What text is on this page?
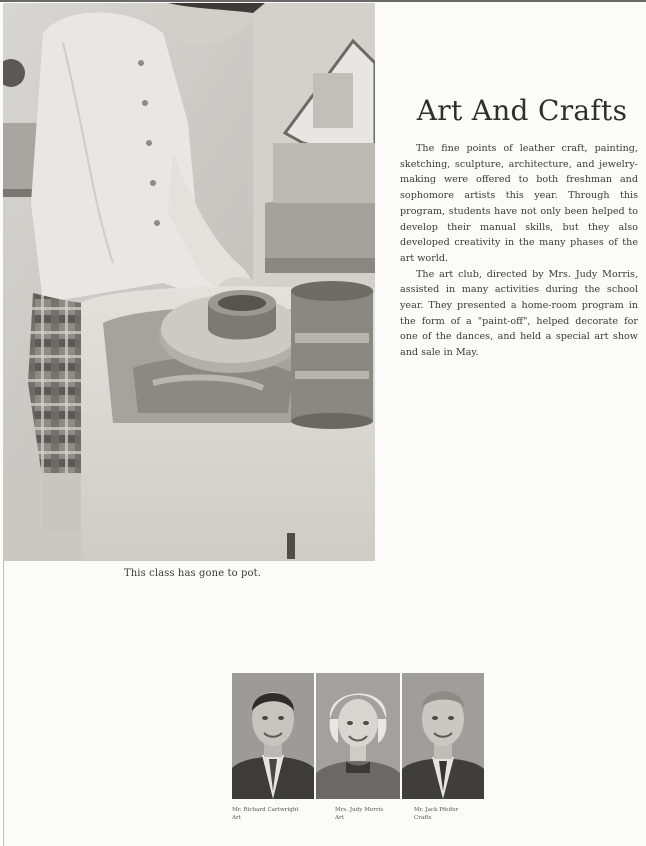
This class has gone to pot.
Art And Crafts

The fine points of leather craft, painting, sketching, sculpture, architecture, and jewelry-making were offered to both freshman and sophomore artists this year. Through this program, students have not only been helped to develop their manual skills, but they also developed creativity in the many phases of the art world.

The art club, directed by Mrs. Judy Morris, assisted in many activities during the school year. They presented a home-room program in the form of a "paint-off", helped decorate for one of the dances, and held a special art show and sale in May.

Mr. Richard Cartwright
Art
Mrs. Judy Morris
Art
Mr. Jack Pfeifer
Crafts
